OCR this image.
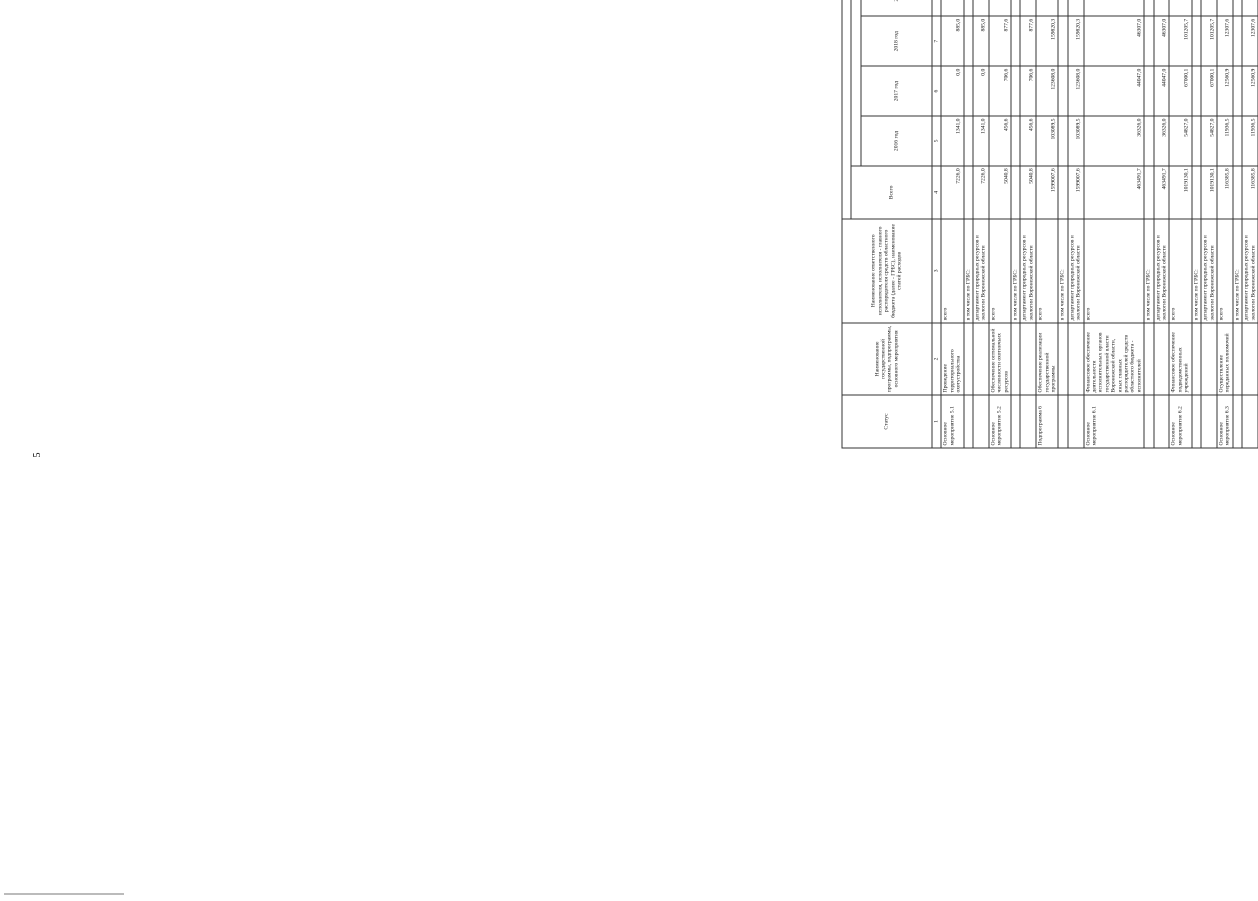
5
Статус	Наименование государственной программы, подпрограммы, основного мероприятия	Наименование ответственного исполнителя, исполнителя - главного распорядителя средств областного бюджета (далее - ГРБС), наименование статей расходов	
			Всего	
				2016 год	2017 год	2018 год						

1	2	3	4	5	6	7								
Основное мероприятие 5.1	Проведение территориального охотустройства	всего	7226,0	1341,0	0,0	885,0								
		в том числе по ГРБС:												
		департамент природных ресурсов и экологии Воронежской области	7226,0	1341,0	0,0	885,0								
Основное мероприятие 5.2	Обеспечение оптимальной численности охотничьих ресурсов	всего	5040,8	456,6	706,6	877,6								
		в том числе по ГРБС:												
		департамент природных ресурсов и экологии Воронежской области	5040,8	456,6	706,6	877,6								
Подпрограмма 6	Обеспечение реализации государственной программы	всего	1599007,6	103089,5	123608,0	159820,3								
		в том числе по ГРБС:												
		департамент природных ресурсов и экологии Воронежской области	1599007,6	103089,5	123608,0	159820,3								
Основное мероприятие 6.1	Финансовое обеспечение деятельности исполнительных органов государственной власти Воронежской области, иных главных распорядителей средств областного бюджета - исполнителей	всего	463491,7	36326,0	44047,0	46307,0								
		в том числе по ГРБС:												
		департамент природных ресурсов и экологии Воронежской области	463491,7	36326,0	44047,0	46307,0								
Основное мероприятие 6.2	Финансовое обеспечение подведомственных учреждений	всего	1019130,1	54827,0	67000,1	101205,7								
		в том числе по ГРБС:												
		департамент природных ресурсов и экологии Воронежской области	1019130,1	54827,0	67000,1	101205,7								
Основное мероприятие 6.3	Осуществление переданных полномочий	всего	116385,8	11936,5	12560,9	12307,6								
		в том числе по ГРБС:												
		департамент природных ресурсов и экологии Воронежской области	116385,8	11936,5	12560,9	12307,6								
